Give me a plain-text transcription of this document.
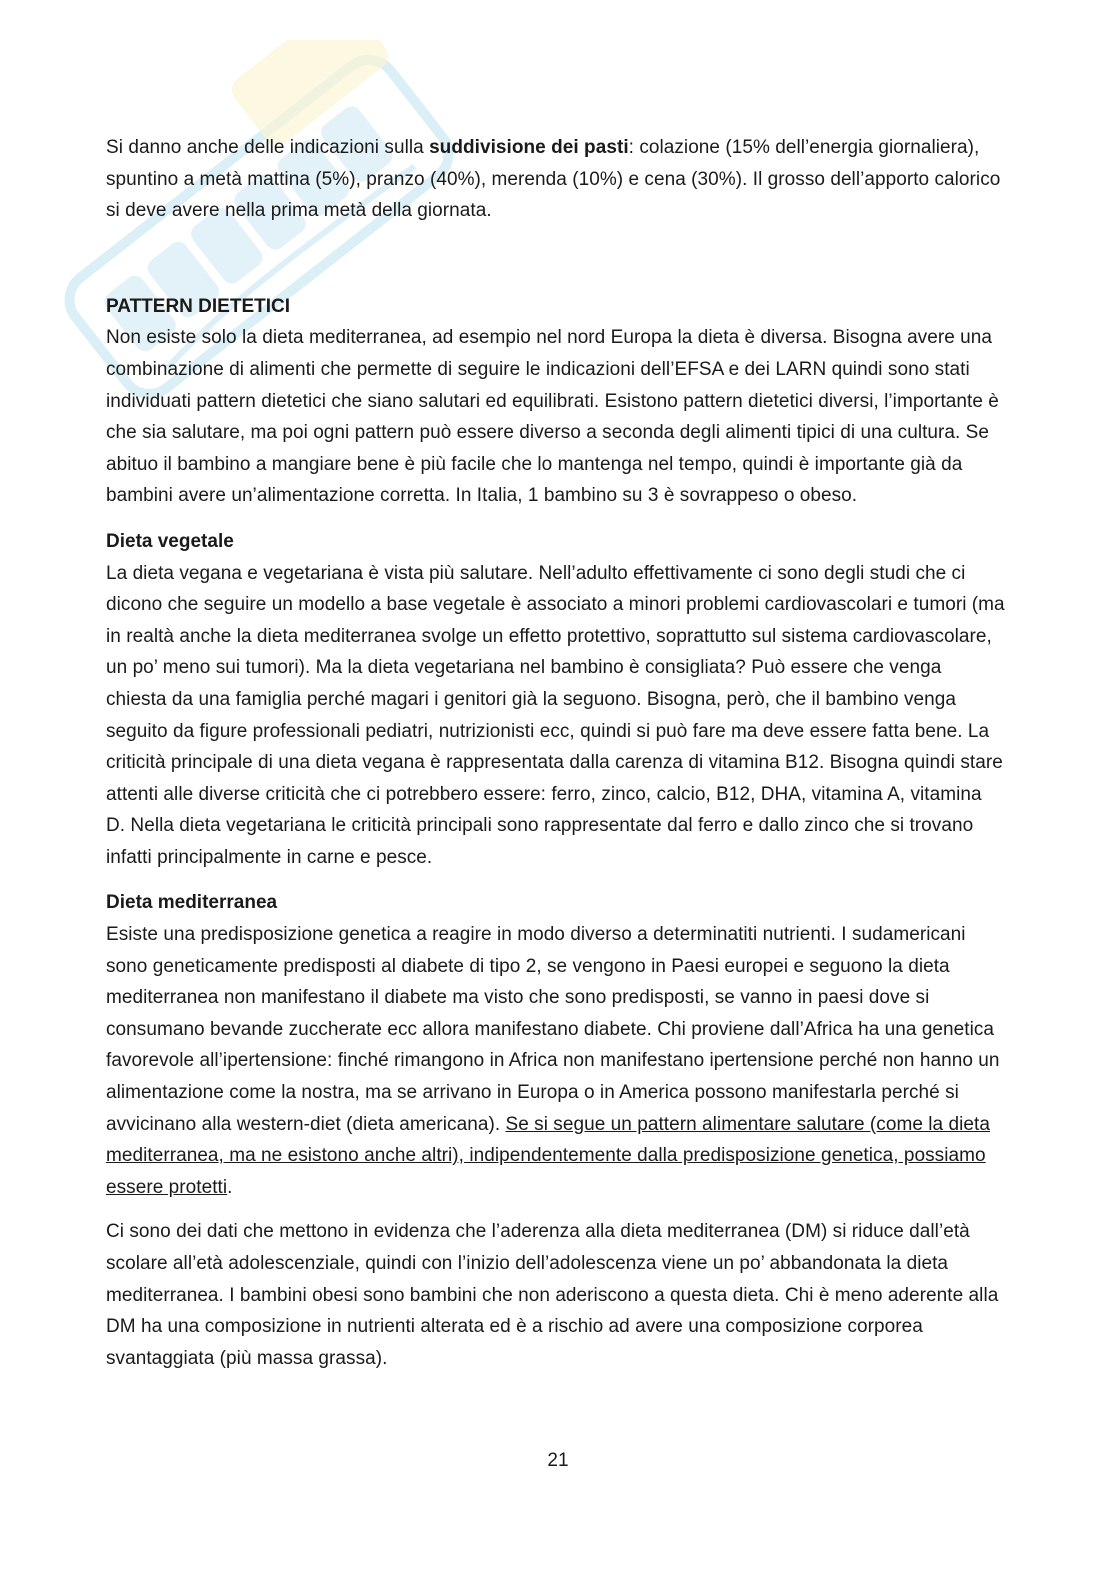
Si danno anche delle indicazioni sulla suddivisione dei pasti: colazione (15% dell’energia giornaliera), spuntino a metà mattina (5%), pranzo (40%), merenda (10%) e cena (30%). Il grosso dell’apporto calorico si deve avere nella prima metà della giornata.

PATTERN DIETETICI

Non esiste solo la dieta mediterranea, ad esempio nel nord Europa la dieta è diversa. Bisogna avere una combinazione di alimenti che permette di seguire le indicazioni dell’EFSA e dei LARN quindi sono stati individuati pattern dietetici che siano salutari ed equilibrati. Esistono pattern dietetici diversi, l’importante è che sia salutare, ma poi ogni pattern può essere diverso a seconda degli alimenti tipici di una cultura. Se abituo il bambino a mangiare bene è più facile che lo mantenga nel tempo, quindi è importante già da bambini avere un’alimentazione corretta. In Italia, 1 bambino su 3 è sovrappeso o obeso.

Dieta vegetale

La dieta vegana e vegetariana è vista più salutare. Nell’adulto effettivamente ci sono degli studi che ci dicono che seguire un modello a base vegetale è associato a minori problemi cardiovascolari e tumori (ma in realtà anche la dieta mediterranea svolge un effetto protettivo, soprattutto sul sistema cardiovascolare, un po’ meno sui tumori). Ma la dieta vegetariana nel bambino è consigliata? Può essere che venga chiesta da una famiglia perché magari i genitori già la seguono. Bisogna, però, che il bambino venga seguito da figure professionali pediatri, nutrizionisti ecc, quindi si può fare ma deve essere fatta bene. La criticità principale di una dieta vegana è rappresentata dalla carenza di vitamina B12. Bisogna quindi stare attenti alle diverse criticità che ci potrebbero essere: ferro, zinco, calcio, B12, DHA, vitamina A, vitamina D. Nella dieta vegetariana le criticità principali sono rappresentate dal ferro e dallo zinco che si trovano infatti principalmente in carne e pesce.

Dieta mediterranea

Esiste una predisposizione genetica a reagire in modo diverso a determinatiti nutrienti. I sudamericani sono geneticamente predisposti al diabete di tipo 2, se vengono in Paesi europei e seguono la dieta mediterranea non manifestano il diabete ma visto che sono predisposti, se vanno in paesi dove si consumano bevande zuccherate ecc allora manifestano diabete. Chi proviene dall’Africa ha una genetica favorevole all’ipertensione: finché rimangono in Africa non manifestano ipertensione perché non hanno un alimentazione come la nostra, ma se arrivano in Europa o in America possono manifestarla perché si avvicinano alla western-diet (dieta americana). Se si segue un pattern alimentare salutare (come la dieta mediterranea, ma ne esistono anche altri), indipendentemente dalla predisposizione genetica, possiamo essere protetti.

Ci sono dei dati che mettono in evidenza che l’aderenza alla dieta mediterranea (DM) si riduce dall’età scolare all’età adolescenziale, quindi con l’inizio dell’adolescenza viene un po’ abbandonata la dieta mediterranea. I bambini obesi sono bambini che non aderiscono a questa dieta. Chi è meno aderente alla DM ha una composizione in nutrienti alterata ed è a rischio ad avere una composizione corporea svantaggiata (più massa grassa).

21
